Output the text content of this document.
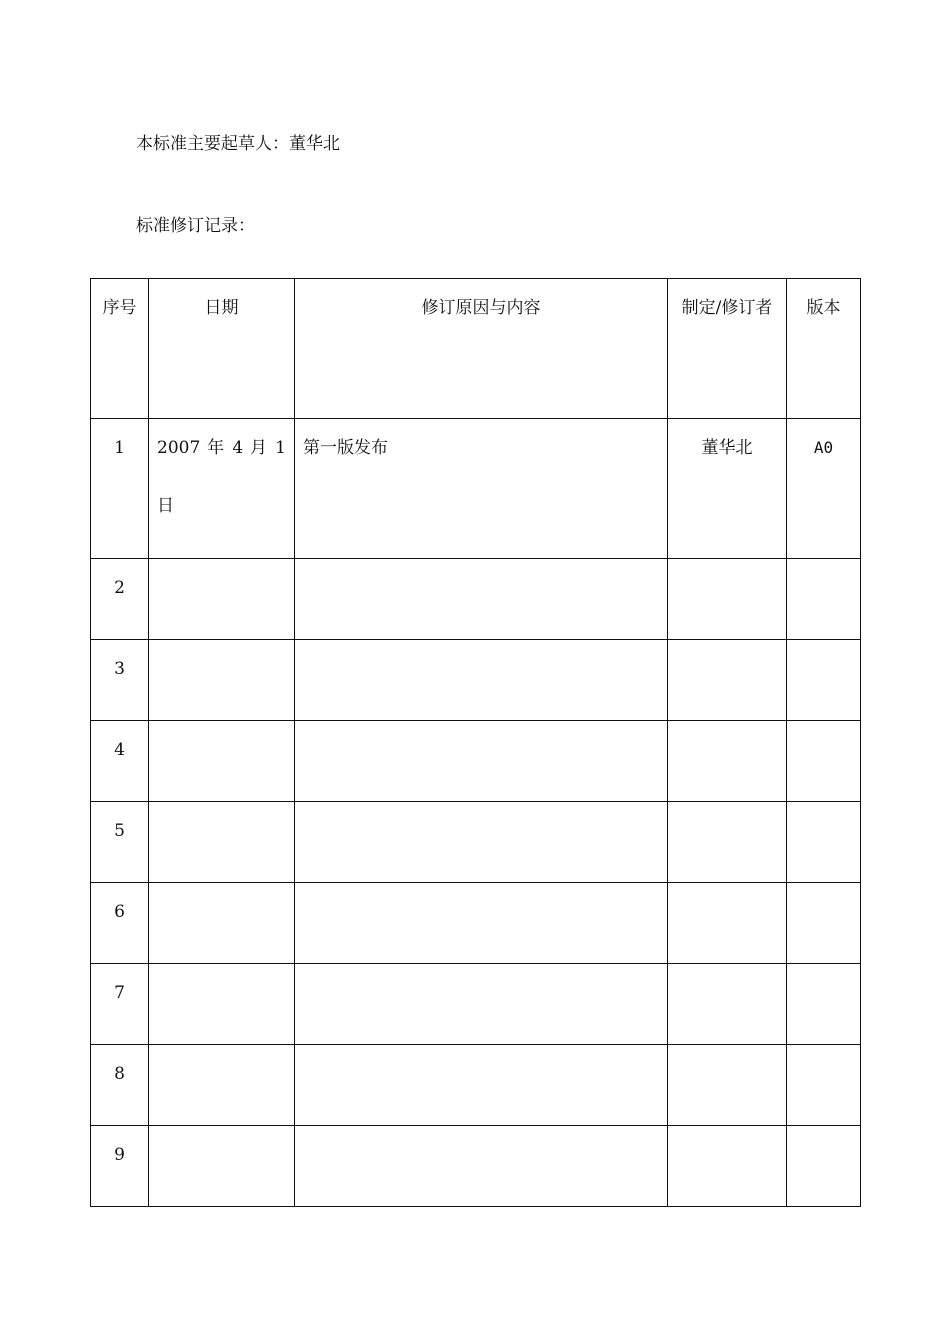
本标准主要起草人：董华北
标准修订记录：
序号	日期	修订原因与内容	制定/修订者	版本

1	2007 年 4 月 1 日	第一版发布	董华北	A0
2				
3				
4				
5				
6				
7				
8				
9				
